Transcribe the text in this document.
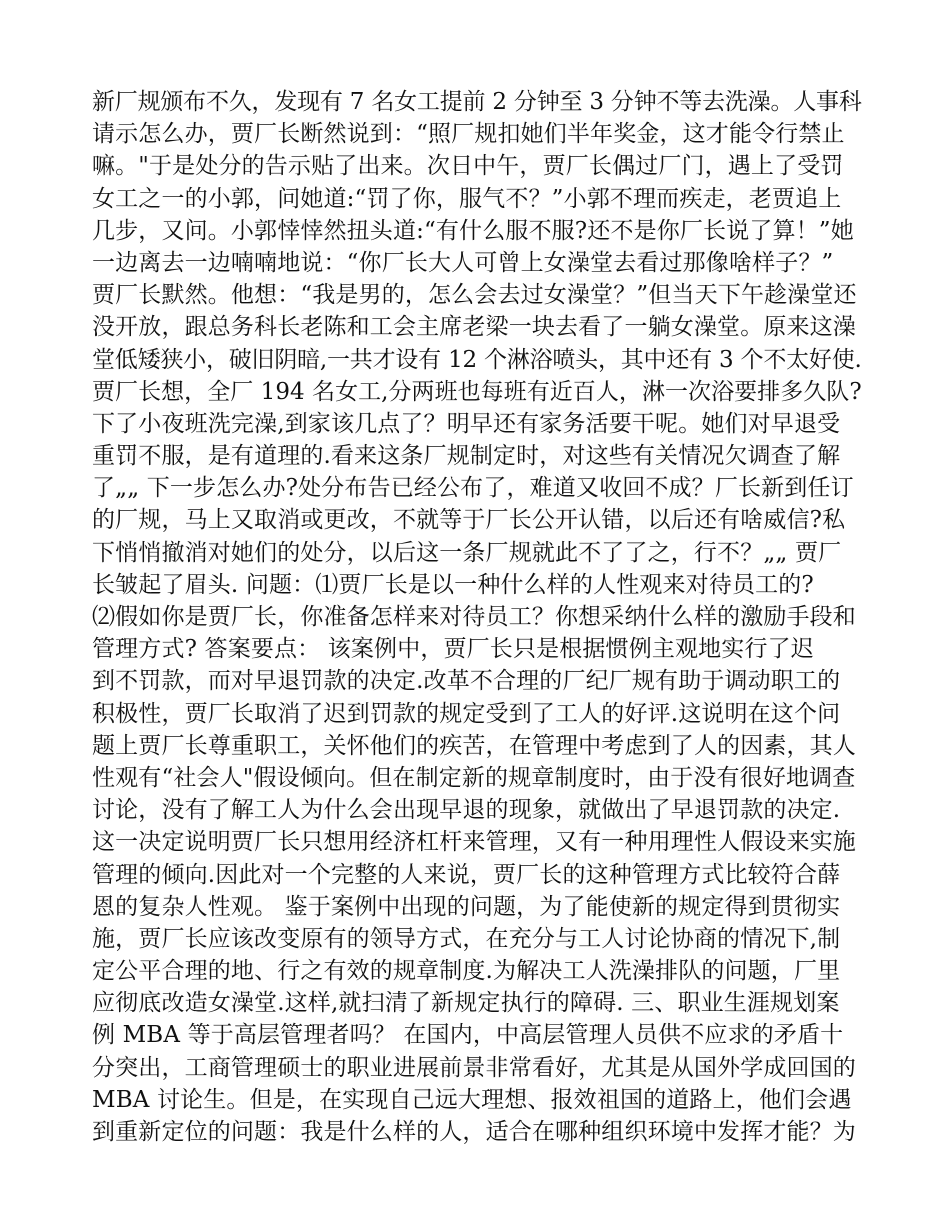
新厂规颁布不久，发现有 7 名女工提前 2 分钟至 3 分钟不等去洗澡。人事科
请示怎么办，贾厂长断然说到：“照厂规扣她们半年奖金，这才能令行禁止
嘛。"于是处分的告示贴了出来。次日中午，贾厂长偶过厂门，遇上了受罚
女工之一的小郭，问她道:“罚了你，服气不？”小郭不理而疾走，老贾追上
几步，又问。小郭悻悻然扭头道:“有什么服不服?还不是你厂长说了算！”她
一边离去一边喃喃地说：“你厂长大人可曾上女澡堂去看过那像啥样子？”
贾厂长默然。他想：“我是男的，怎么会去过女澡堂？”但当天下午趁澡堂还
没开放，跟总务科长老陈和工会主席老梁一块去看了一躺女澡堂。原来这澡
堂低矮狭小，破旧阴暗,一共才设有 12 个淋浴喷头，其中还有 3 个不太好使.
贾厂长想，全厂 194 名女工,分两班也每班有近百人，淋一次浴要排多久队?
下了小夜班洗完澡,到家该几点了？明早还有家务活要干呢。她们对早退受
重罚不服，是有道理的.看来这条厂规制定时，对这些有关情况欠调查了解
了„„ 下一步怎么办?处分布告已经公布了，难道又收回不成？厂长新到任订
的厂规，马上又取消或更改，不就等于厂长公开认错，以后还有啥威信?私
下悄悄撤消对她们的处分，以后这一条厂规就此不了了之，行不？„„ 贾厂
长皱起了眉头. 问题：⑴贾厂长是以一种什么样的人性观来对待员工的?
⑵假如你是贾厂长，你准备怎样来对待员工？你想采纳什么样的激励手段和
管理方式? 答案要点： 该案例中，贾厂长只是根据惯例主观地实行了迟
到不罚款，而对早退罚款的决定.改革不合理的厂纪厂规有助于调动职工的
积极性，贾厂长取消了迟到罚款的规定受到了工人的好评.这说明在这个问
题上贾厂长尊重职工，关怀他们的疾苦，在管理中考虑到了人的因素，其人
性观有“社会人"假设倾向。但在制定新的规章制度时，由于没有很好地调查
讨论，没有了解工人为什么会出现早退的现象，就做出了早退罚款的决定.
这一决定说明贾厂长只想用经济杠杆来管理，又有一种用理性人假设来实施
管理的倾向.因此对一个完整的人来说，贾厂长的这种管理方式比较符合薛
恩的复杂人性观。 鉴于案例中出现的问题，为了能使新的规定得到贯彻实
施，贾厂长应该改变原有的领导方式，在充分与工人讨论协商的情况下,制
定公平合理的地、行之有效的规章制度.为解决工人洗澡排队的问题，厂里
应彻底改造女澡堂.这样,就扫清了新规定执行的障碍. 三、职业生涯规划案
例 MBA 等于高层管理者吗？ 在国内，中高层管理人员供不应求的矛盾十
分突出，工商管理硕士的职业进展前景非常看好，尤其是从国外学成回国的
MBA 讨论生。但是，在实现自己远大理想、报效祖国的道路上，他们会遇
到重新定位的问题：我是什么样的人，适合在哪种组织环境中发挥才能？为
